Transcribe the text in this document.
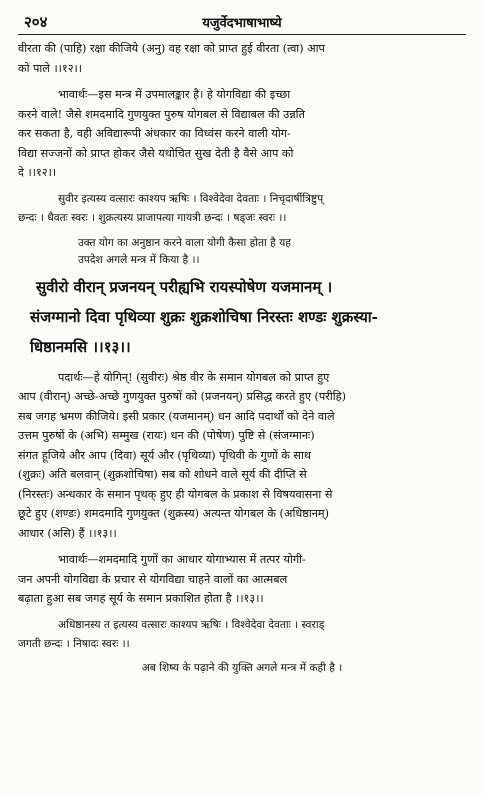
२०४	यजुर्वेदभाषाभाष्ये

वीरता की (पाहि) रक्षा कीजिये (अनु) वह रक्षा को प्राप्त हुई वीरता (त्वा) आप

को पाले ।।१२।।

भावार्थः—इस मन्त्र में उपमालङ्कार है। हे योगविद्या की इच्छा

करने वाले! जैसे शमदमादि गुणयुक्त पुरुष योगबल से विद्याबल की उन्नति

कर सकता है, वही अविद्यारूपी अंधकार का विध्वंस करने वाली योग-

विद्या सज्जनों को प्राप्त होकर जैसे यथोचित सुख देती है वैसे आप को

दे ।।१२।।

सुवीर इत्यस्य वत्सारः काश्यप ऋषिः । विश्वेदेवा देवताः । निचृदार्षीत्रिष्टुप्

छन्दः । धैवतः स्वरः । शुक्रत्यस्य प्राजापत्या गायत्री छन्दः । षड्जः स्वरः ।।

उक्त योग का अनुष्ठान करने वाला योगी कैसा होता है यह

उपदेश अगले मन्त्र में किया है ।।

सुवीरो वीरान् प्रजनयन् परीह्यभि रायस्पोषेण यजमानम् ।

संजग्मानो दिवा पृथिव्या शुक्रः शुक्रशोचिषा निरस्तः शण्डः शुक्रस्या-

धिष्ठानमसि ।।१३।।

पदार्थः—हे योगिन्! (सुवीरः) श्रेष्ठ वीर के समान योगबल को प्राप्त हुए

आप (वीरान्) अच्छे-अच्छे गुणयुक्त पुरुषों को (प्रजनयन्) प्रसिद्ध करते हुए (परीहि)

सब जगह भ्रमण कीजिये। इसी प्रकार (यजमानम्) धन आदि पदार्थों को देने वाले

उत्तम पुरुषों के (अभि) सम्मुख (रायः) धन की (पोषेण) पुष्टि से (संजग्मानः)

संगत हूजिये और आप (दिवा) सूर्य और (पृथिव्या) पृथिवी के गुणों के साथ

(शुक्रः) अति बलवान् (शुक्रशोचिषा) सब को शोधने वाले सूर्य की दीप्ति से

(निरस्तः) अन्धकार के समान पृथक् हुए ही योगबल के प्रकाश से विषयवासना से

छूटे हुए (शण्डः) शमदमादि गुणयुक्त (शुक्रस्य) अत्यन्त योगबल के (अधिष्ठानम्)

आधार (असि) हैं ।।१३।।

भावार्थः—शमदमादि गुणों का आधार योगाभ्यास में तत्पर योगी-

जन अपनी योगविद्या के प्रचार से योगविद्या चाहने वालों का आत्मबल

बढ़ाता हुआ सब जगह सूर्य के समान प्रकाशित होता है ।।१३।।

अधिष्ठानस्य त इत्यस्य वत्सारः काश्यप ऋषिः । विश्वेदेवा देवताः । स्वराड्

जगती छन्दः । निषादः स्वरः ।।

अब शिष्य के पढ़ाने की युक्ति अगले मन्त्र में कही है ।
